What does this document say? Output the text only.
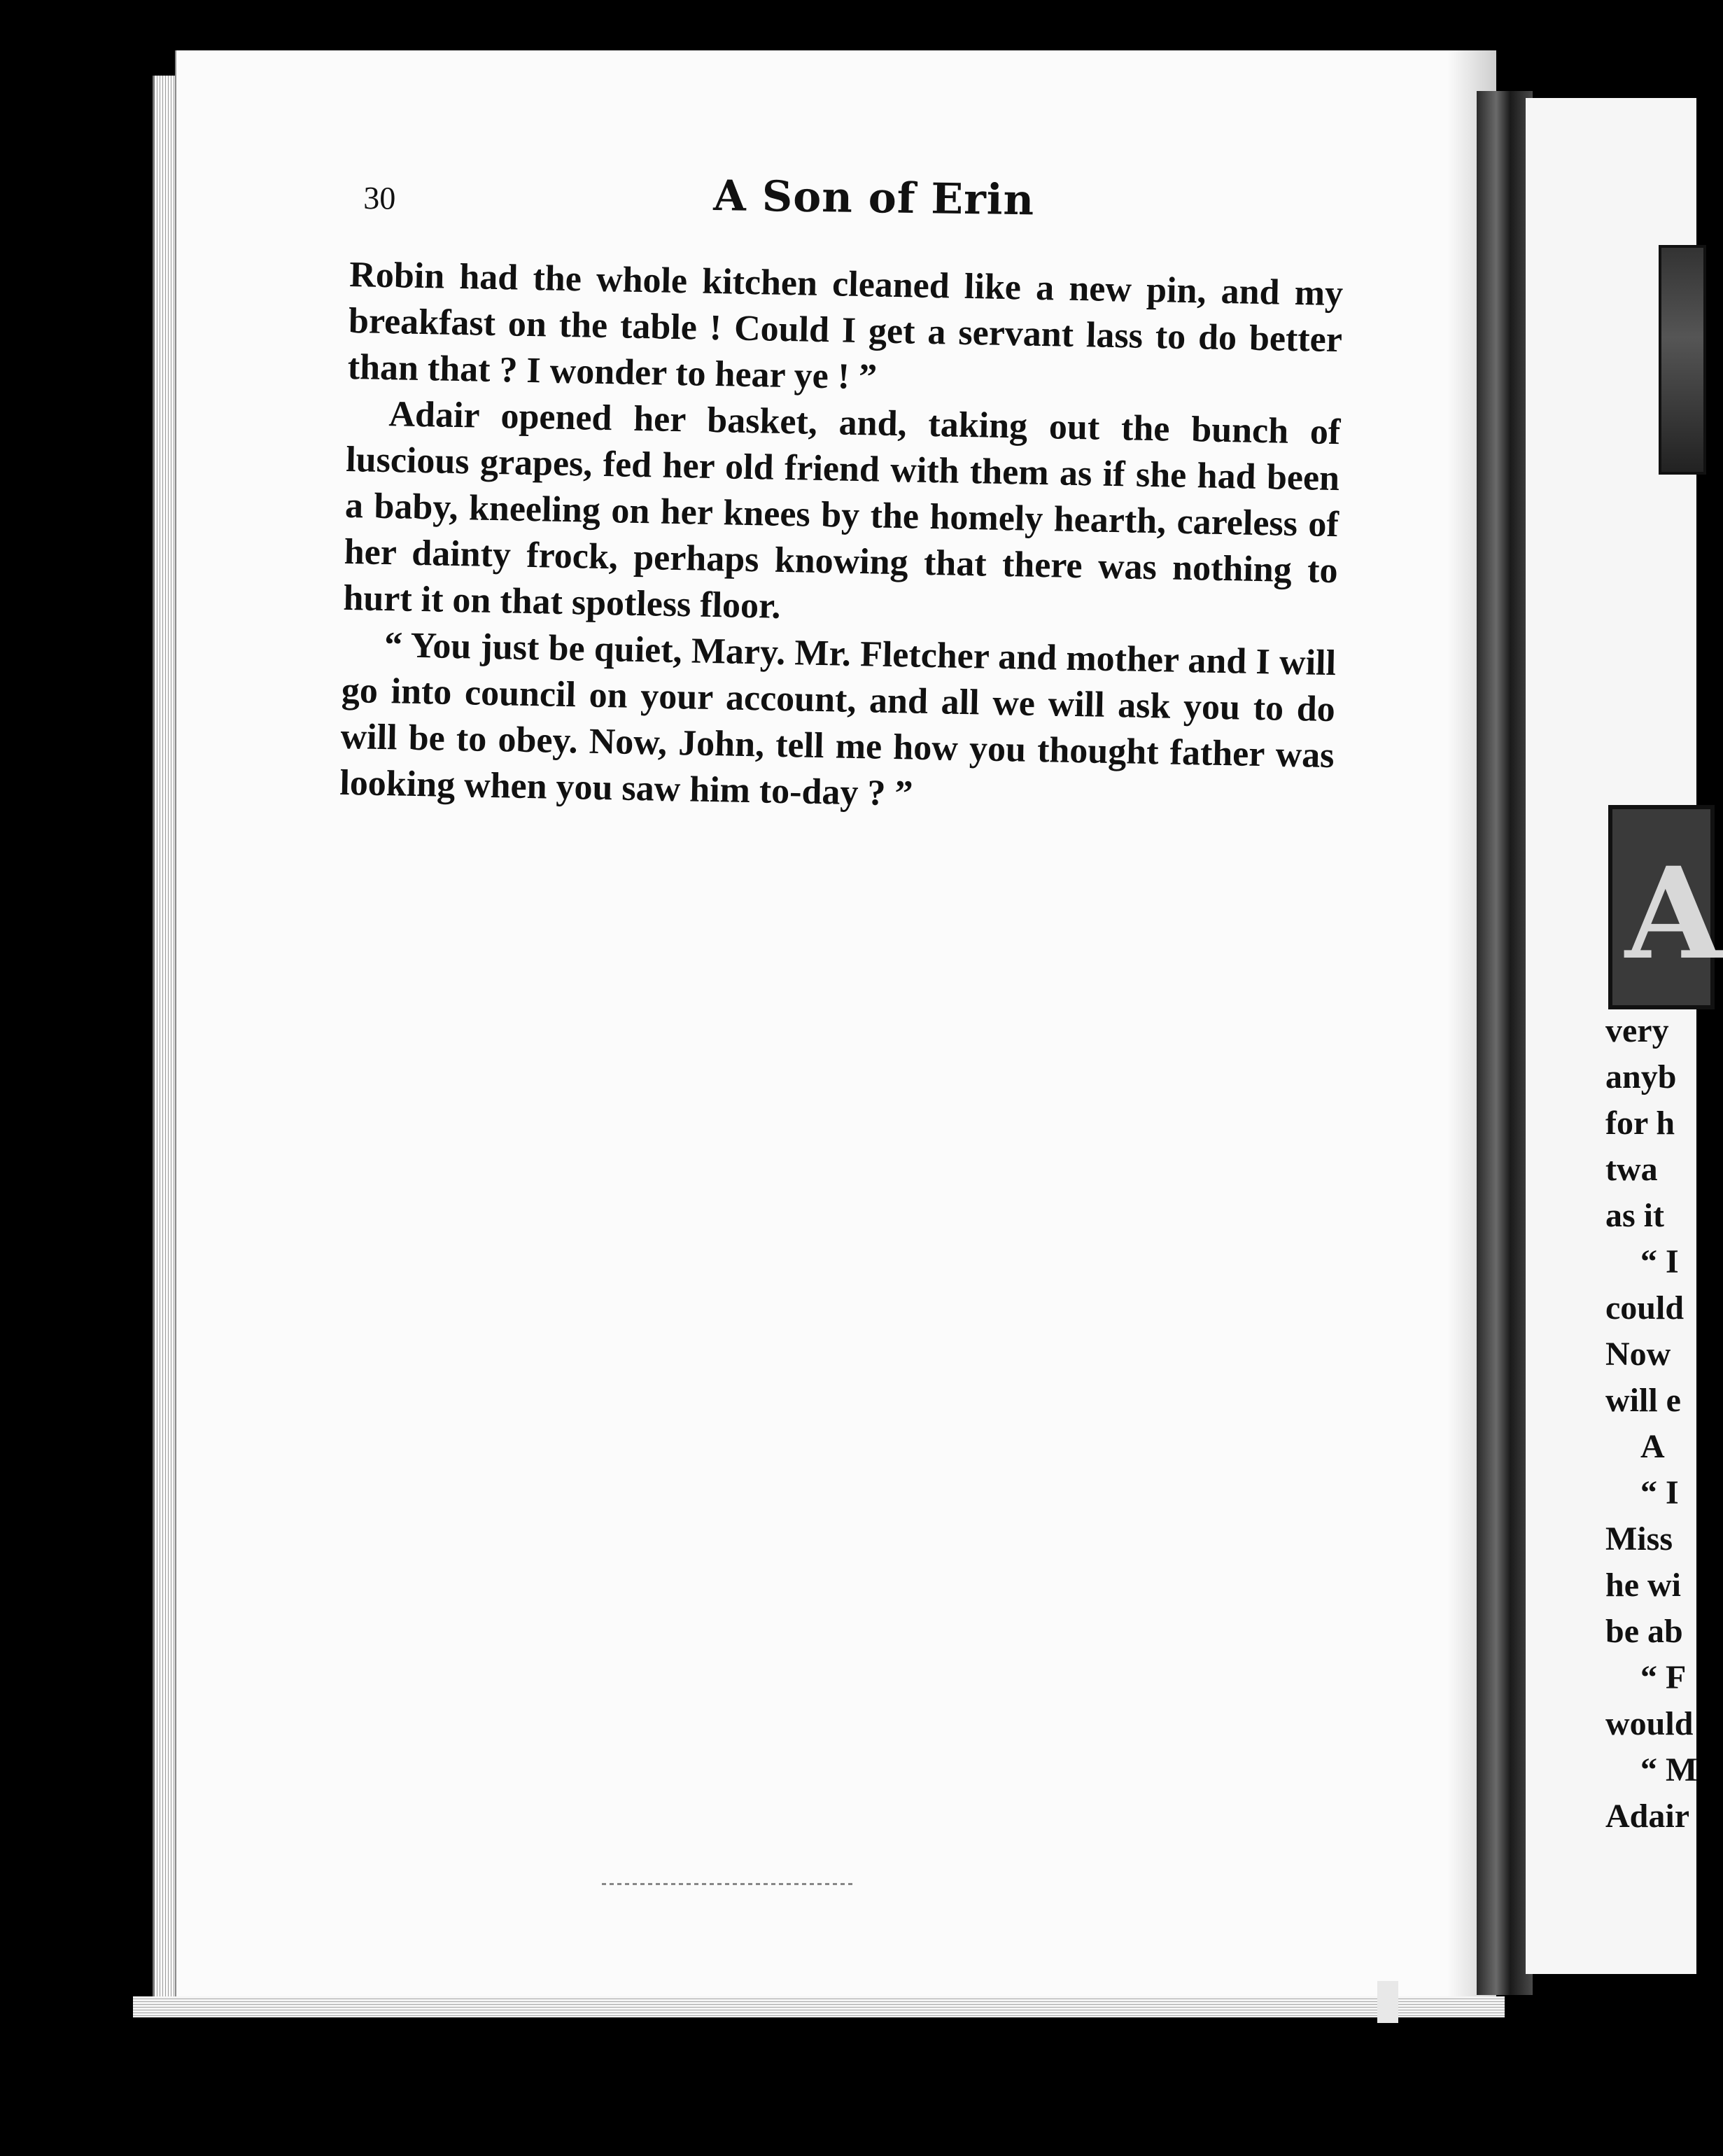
30	A Son of Erin

Robin had the whole kitchen cleaned like a new pin, and my breakfast on the table ! Could I get a servant lass to do b⁠etter than that ? I wonder to hear ye ! ”

Adair opened her basket, and, taking out the bunch of luscious grapes, fed her old friend with them as if she had been a baby, kneeling on her knees by the homely hearth, careless of her dainty frock, perhaps knowing that there was nothing to hurt it on that spotless floor.

“ You just be quiet, Mary. Mr. Fletcher and mother and I will go into council on your account, and all we will ask you to do will be to obey. Now, John, tell me how you thought father was looking when you saw him to-day ? ”

A
very
anyb
for h
twa
as it
“ I
could
Now
will e
A
“ I
Miss
he wi
be ab
“ F
would
“ M
Adair
